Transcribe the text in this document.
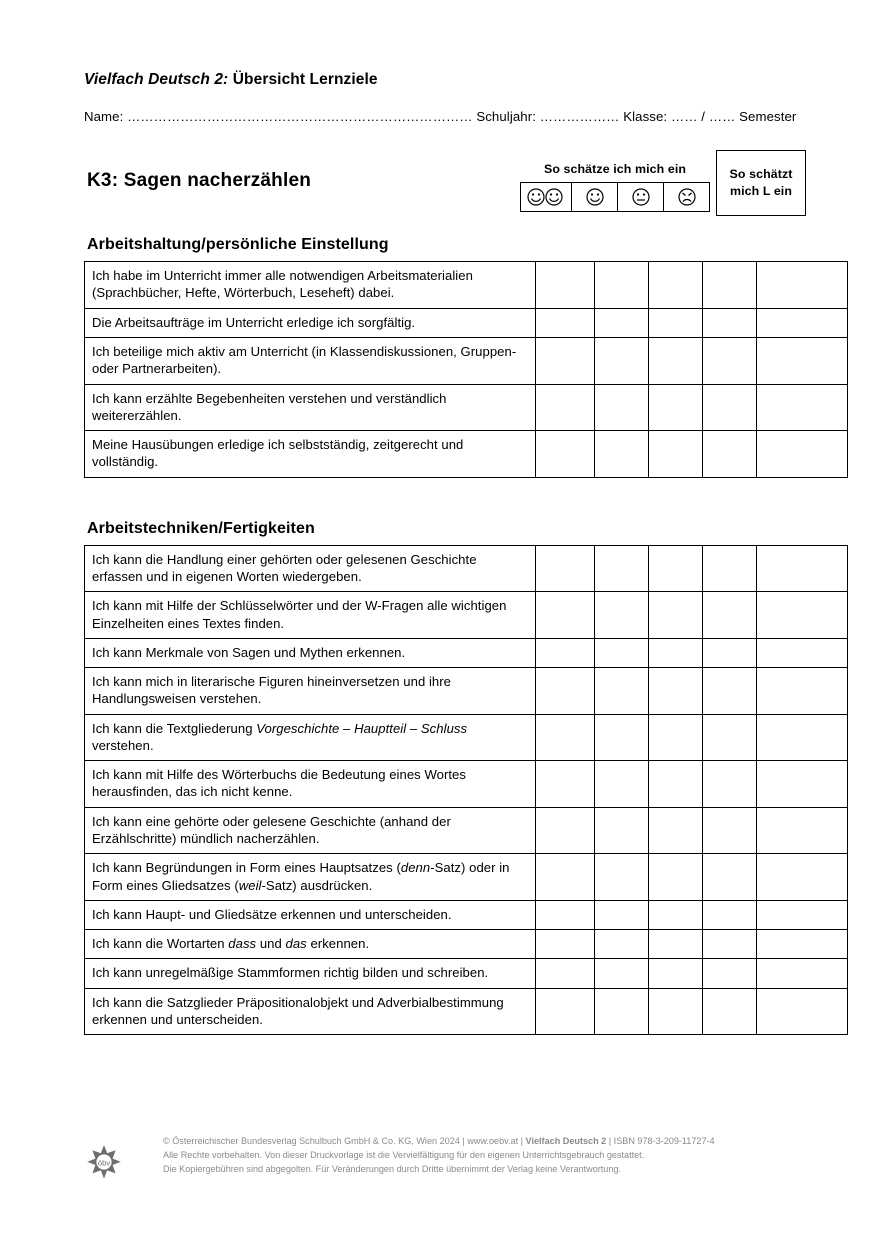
Vielfach Deutsch 2: Übersicht Lernziele
Name: …………………………………………………………………… Schuljahr: ……………… Klasse: …… / …… Semester
K3: Sagen nacherzählen
So schätze ich mich ein	So schätzt mich L ein
Arbeitshaltung/persönliche Einstellung
Ich habe im Unterricht immer alle notwendigen Arbeitsmaterialien (Sprachbücher, Hefte, Wörterbuch, Leseheft) dabei.					
Die Arbeitsaufträge im Unterricht erledige ich sorgfältig.					
Ich beteilige mich aktiv am Unterricht (in Klassendiskussionen, Gruppen- oder Partnerarbeiten).					
Ich kann erzählte Begebenheiten verstehen und verständlich weitererzählen.					
Meine Hausübungen erledige ich selbstständig, zeitgerecht und vollständig.					
Arbeitstechniken/Fertigkeiten
Ich kann die Handlung einer gehörten oder gelesenen Geschichte erfassen und in eigenen Worten wiedergeben.					
Ich kann mit Hilfe der Schlüsselwörter und der W-Fragen alle wichtigen Einzelheiten eines Textes finden.					
Ich kann Merkmale von Sagen und Mythen erkennen.					
Ich kann mich in literarische Figuren hineinversetzen und ihre Handlungsweisen verstehen.					
Ich kann die Textgliederung Vorgeschichte – Hauptteil – Schluss verstehen.					
Ich kann mit Hilfe des Wörterbuchs die Bedeutung eines Wortes herausfinden, das ich nicht kenne.					
Ich kann eine gehörte oder gelesene Geschichte (anhand der Erzählschritte) mündlich nacherzählen.					
Ich kann Begründungen in Form eines Hauptsatzes (denn-Satz) oder in Form eines Gliedsatzes (weil-Satz) ausdrücken.					
Ich kann Haupt- und Gliedsätze erkennen und unterscheiden.					
Ich kann die Wortarten dass und das erkennen.					
Ich kann unregelmäßige Stammformen richtig bilden und schreiben.					
Ich kann die Satzglieder Präpositionalobjekt und Adverbialbestimmung erkennen und unterscheiden.					
öbv
© Österreichischer Bundesverlag Schulbuch GmbH & Co. KG, Wien 2024 | www.oebv.at | Vielfach Deutsch 2 | ISBN 978-3-209-11727-4
Alle Rechte vorbehalten. Von dieser Druckvorlage ist die Vervielfältigung für den eigenen Unterrichtsgebrauch gestattet.
Die Kopiergebühren sind abgegolten. Für Veränderungen durch Dritte übernimmt der Verlag keine Verantwortung.
